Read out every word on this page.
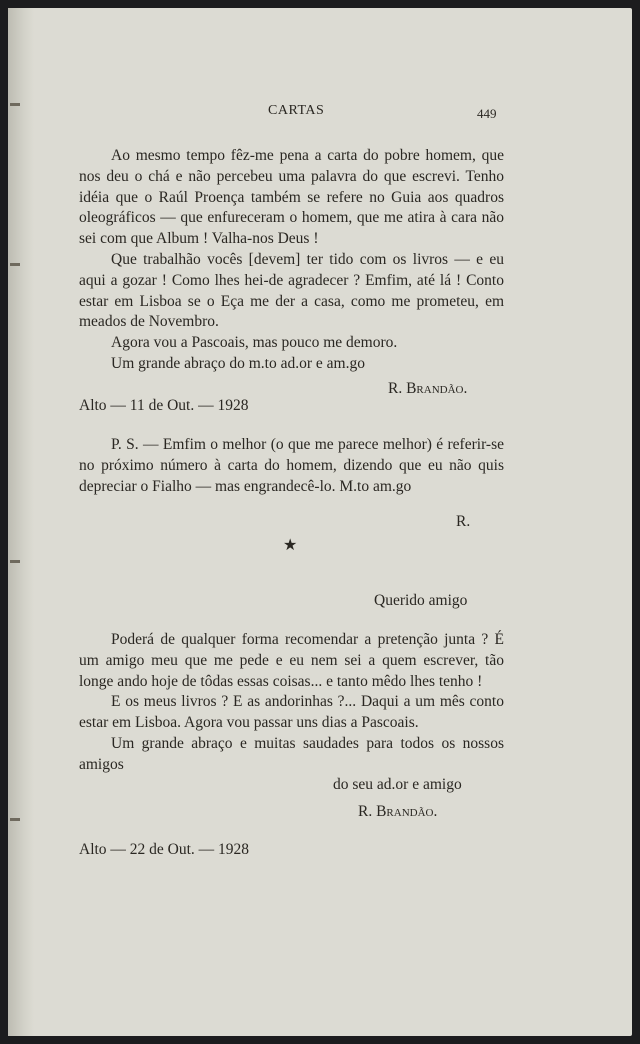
CARTAS	449

Ao mesmo tempo fêz-me pena a carta do pobre homem, que nos deu o chá e não percebeu uma palavra do que escrevi. Tenho idéia que o Raúl Proença também se refere no Guia aos quadros oleográficos — que enfureceram o homem, que me atira à cara não sei com que Album ! Valha-nos Deus !

Que trabalhão vocês [devem] ter tido com os livros — e eu aqui a gozar ! Como lhes hei-de agradecer ? Emfim, até lá ! Conto estar em Lisboa se o Eça me der a casa, como me prometeu, em meados de Novembro.

Agora vou a Pascoais, mas pouco me demoro.

Um grande abraço do m.to ad.or e am.go

R. Brandão.

Alto — 11 de Out. — 1928

P. S. — Emfim o melhor (o que me parece melhor) é referir-se no próximo número à carta do homem, dizendo que eu não quis depreciar o Fialho — mas engrandecê-lo. M.to am.go

R.

★

Querido amigo

Poderá de qualquer forma recomendar a pretenção junta ? É um amigo meu que me pede e eu nem sei a quem escrever, tão longe ando hoje de tôdas essas coisas... e tanto mêdo lhes tenho !

E os meus livros ? E as andorinhas ?... Daqui a um mês conto estar em Lisboa. Agora vou passar uns dias a Pascoais.

Um grande abraço e muitas saudades para todos os nossos amigos

do seu ad.or e amigo

R. Brandão.

Alto — 22 de Out. — 1928
